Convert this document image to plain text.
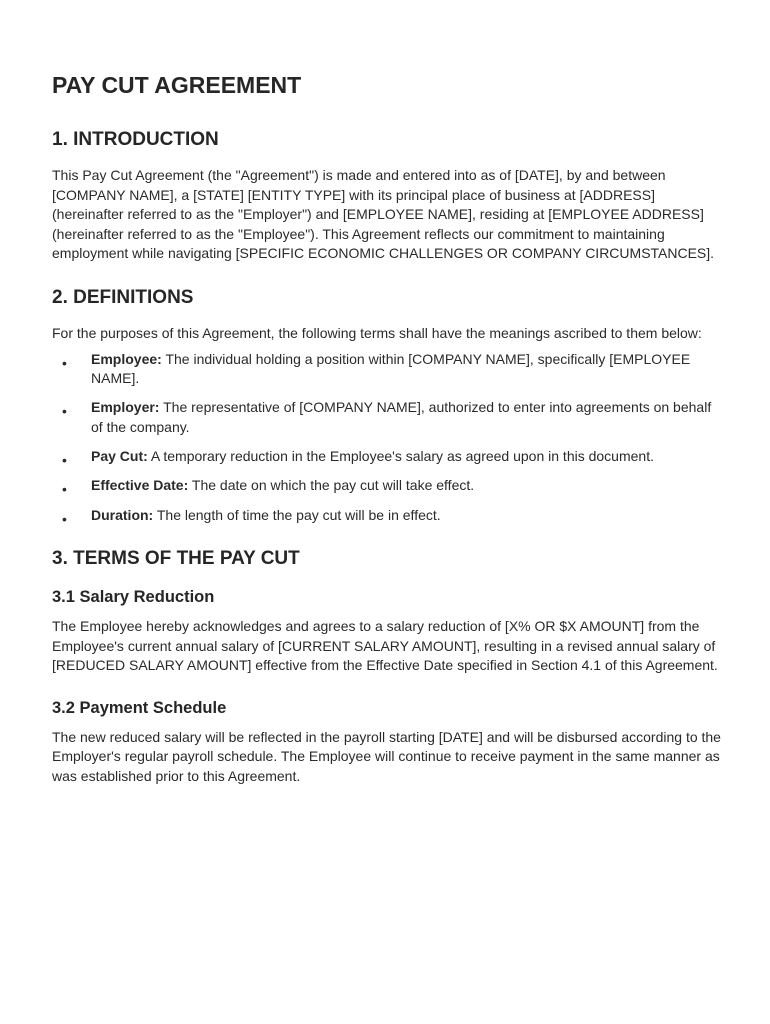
PAY CUT AGREEMENT
1. INTRODUCTION

This Pay Cut Agreement (the "Agreement") is made and entered into as of [DATE], by and between [COMPANY NAME], a [STATE] [ENTITY TYPE] with its principal place of business at [ADDRESS] (hereinafter referred to as the "Employer") and [EMPLOYEE NAME], residing at [EMPLOYEE ADDRESS] (hereinafter referred to as the "Employee"). This Agreement reflects our commitment to maintaining employment while navigating [SPECIFIC ECONOMIC CHALLENGES OR COMPANY CIRCUMSTANCES].

2. DEFINITIONS

For the purposes of this Agreement, the following terms shall have the meanings ascribed to them below:

• Employee: The individual holding a position within [COMPANY NAME], specifically [EMPLOYEE NAME].
• Employer: The representative of [COMPANY NAME], authorized to enter into agreements on behalf of the company.
• Pay Cut: A temporary reduction in the Employee's salary as agreed upon in this document.
• Effective Date: The date on which the pay cut will take effect.
• Duration: The length of time the pay cut will be in effect.
3. TERMS OF THE PAY CUT
3.1 Salary Reduction

The Employee hereby acknowledges and agrees to a salary reduction of [X% OR $X AMOUNT] from the Employee's current annual salary of [CURRENT SALARY AMOUNT], resulting in a revised annual salary of [REDUCED SALARY AMOUNT] effective from the Effective Date specified in Section 4.1 of this Agreement.

3.2 Payment Schedule

The new reduced salary will be reflected in the payroll starting [DATE] and will be disbursed according to the Employer's regular payroll schedule. The Employee will continue to receive payment in the same manner as was established prior to this Agreement.
